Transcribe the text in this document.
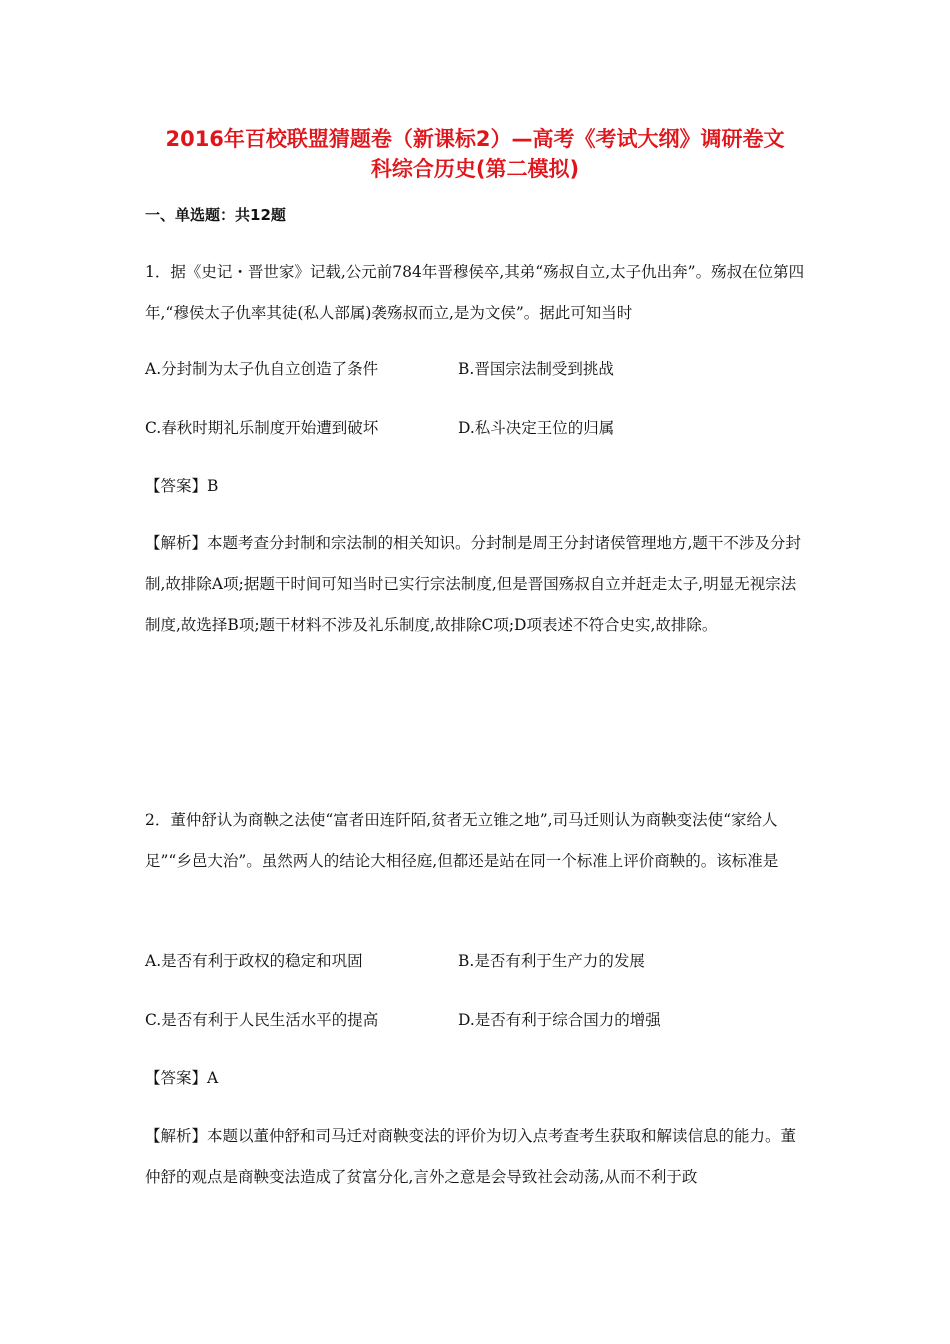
2016年百校联盟猜题卷（新课标2）—高考《考试大纲》调研卷文
科综合历史(第二模拟)
一、单选题：共12题
1．据《史记・晋世家》记载,公元前784年晋穆侯卒,其弟“殇叔自立,太子仇出奔”。殇叔在位第四年,“穆侯太子仇率其徒(私人部属)袭殇叔而立,是为文侯”。据此可知当时
A.分封制为太子仇自立创造了条件	B.晋国宗法制受到挑战
C.春秋时期礼乐制度开始遭到破坏	D.私斗决定王位的归属
【答案】B
【解析】本题考查分封制和宗法制的相关知识。分封制是周王分封诸侯管理地方,题干不涉及分封制,故排除A项;据题干时间可知当时已实行宗法制度,但是晋国殇叔自立并赶走太子,明显无视宗法制度,故选择B项;题干材料不涉及礼乐制度,故排除C项;D项表述不符合史实,故排除。
2．董仲舒认为商鞅之法使“富者田连阡陌,贫者无立锥之地”,司马迁则认为商鞅变法使“家给人足”“乡邑大治”。虽然两人的结论大相径庭,但都还是站在同一个标准上评价商鞅的。该标准是
A.是否有利于政权的稳定和巩固	B.是否有利于生产力的发展
C.是否有利于人民生活水平的提高	D.是否有利于综合国力的增强
【答案】A
【解析】本题以董仲舒和司马迁对商鞅变法的评价为切入点考查考生获取和解读信息的能力。董仲舒的观点是商鞅变法造成了贫富分化,言外之意是会导致社会动荡,从而不利于政
